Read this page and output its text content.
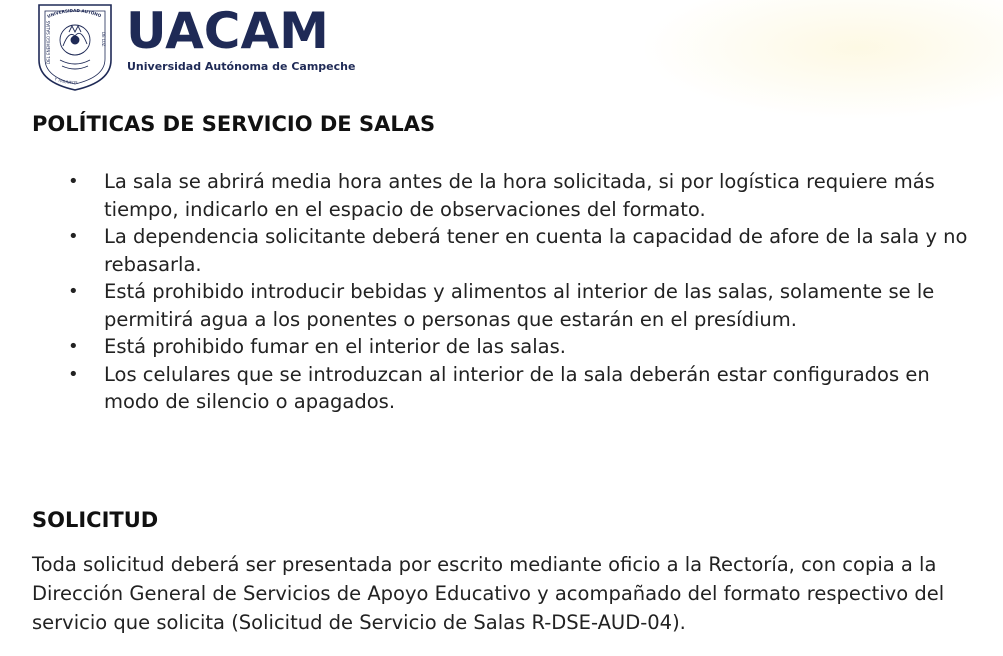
UNIVERSIDAD AUTÓNO
DEL ENEMIGO SALÍAS	DE LUZ
Y TRIUNFOS
UACAM
Universidad Autónoma de Campeche
POLÍTICAS DE SERVICIO DE SALAS
• La sala se abrirá media hora antes de la hora solicitada, si por logística requiere más tiempo, indicarlo en el espacio de observaciones del formato.
• La dependencia solicitante deberá tener en cuenta la capacidad de afore de la sala y no rebasarla.
• Está prohibido introducir bebidas y alimentos al interior de las salas, solamente se le permitirá agua a los ponentes o personas que estarán en el presídium.
• Está prohibido fumar en el interior de las salas.
• Los celulares que se introduzcan al interior de la sala deberán estar configurados en modo de silencio o apagados.
SOLICITUD

Toda solicitud deberá ser presentada por escrito mediante oficio a la Rectoría, con copia a la Dirección General de Servicios de Apoyo Educativo y acompañado del formato respectivo del servicio que solicita (Solicitud de Servicio de Salas R-DSE-AUD-04).
